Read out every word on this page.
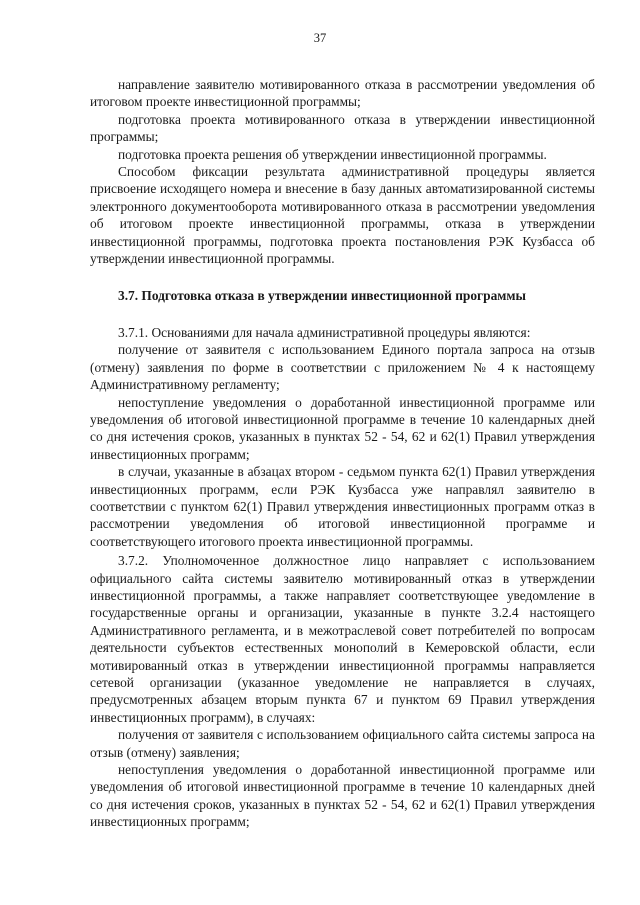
37

направление заявителю мотивированного отказа в рассмотрении уведомления об итоговом проекте инвестиционной программы;

подготовка проекта мотивированного отказа в утверждении инвестиционной программы;

подготовка проекта решения об утверждении инвестиционной программы.

Способом фиксации результата административной процедуры является присвоение исходящего номера и внесение в базу данных автоматизированной системы электронного документооборота мотивированного отказа в рассмотрении уведомления об итоговом проекте инвестиционной программы, отказа в утверждении инвестиционной программы, подготовка проекта постановления РЭК Кузбасса об утверждении инвестиционной программы.

3.7. Подготовка отказа в утверждении инвестиционной программы

3.7.1. Основаниями для начала административной процедуры являются:

получение от заявителя с использованием Единого портала запроса на отзыв (отмену) заявления по форме в соответствии с приложением № 4 к настоящему Административному регламенту;

непоступление уведомления о доработанной инвестиционной программе или уведомления об итоговой инвестиционной программе в течение 10 календарных дней со дня истечения сроков, указанных в пунктах 52 - 54, 62 и 62(1) Правил утверждения инвестиционных программ;

в случаи, указанные в абзацах втором - седьмом пункта 62(1) Правил утверждения инвестиционных программ, если РЭК Кузбасса уже направлял заявителю в соответствии с пунктом 62(1) Правил утверждения инвестиционных программ отказ в рассмотрении уведомления об итоговой инвестиционной программе и соответствующего итогового проекта инвестиционной программы.

3.7.2. Уполномоченное должностное лицо направляет с использованием официального сайта системы заявителю мотивированный отказ в утверждении инвестиционной программы, а также направляет соответствующее уведомление в государственные органы и организации, указанные в пункте 3.2.4 настоящего Административного регламента, и в межотраслевой совет потребителей по вопросам деятельности субъектов естественных монополий в Кемеровской области, если мотивированный отказ в утверждении инвестиционной программы направляется сетевой организации (указанное уведомление не направляется в случаях, предусмотренных абзацем вторым пункта 67 и пунктом 69 Правил утверждения инвестиционных программ), в случаях:

получения от заявителя с использованием официального сайта системы запроса на отзыв (отмену) заявления;

непоступления уведомления о доработанной инвестиционной программе или уведомления об итоговой инвестиционной программе в течение 10 календарных дней со дня истечения сроков, указанных в пунктах 52 - 54, 62 и 62(1) Правил утверждения инвестиционных программ;
